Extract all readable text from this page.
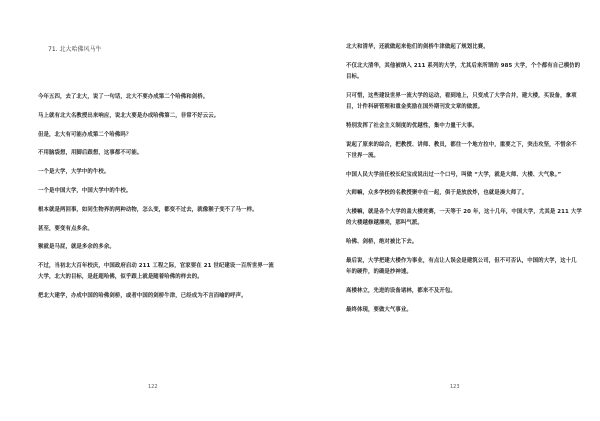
71. 北大哈佛风马牛

今年五四，去了北大，说了一句话，北大不要办成第二个哈佛和剑桥。

马上就有北大名教授出来响应，说北大要是办成哈佛第二，非常不好云云。

但是，北大有可能办成第二个哈佛吗？

不用脑袋想，用脚后跟想，这事都不可能。

一个是大学，大学中的牛校。

一个是中国大学，中国大学中的牛校。

根本就是两回事，如同生物界的两种动物，怎么变，都变不过去，就像猴子变不了马一样。

甚至，要变有点多余。

猴就是马屁，就是多余的多余。

不过，当初北大百年校庆，中国政府启动 211 工程之际，官家要在 21 世纪建设一百所世界一流大学，北大的目标，是赶超哈佛，似乎跟上就是随着哈佛的样去的。

把北大建学，办成中国的哈佛剑桥，或者中国的剑桥牛津，已经成为不言而喻的呼声。

122

北大和清华，还就做起来他们的剑桥牛津做起了规划比赛。

不仅北大清华，其他被纳入 211 系列的大学，尤其后来所谓的 985 大学，个个都有自己模仿的目标。

只可惜，这些建设世界一流大学的运动，看到地上，只变成了大学合并，建大楼，买设备，拿项目，计件科研管理和重金奖励在国外期刊发文章的做派。

特别发挥了社会主义制度的优越性，集中力量干大事。

说起了原来的综合，把教授、讲师、教员，都往一个地方拉中，重要之下，突击攻坚，不惜余不下世界一流。

中国人民大学前任校长纪宝成说出过一个口号，叫做 “大学，就是大师、大楼、大气象。”

大师嘛，众多学校的名教授聚中在一起，俱于是放放炸，也就是凑大师了。

大楼嘛，就是各个大学的盖大楼竞赛，一天等于 20 年，这十几年，中国大学，尤其是 211 大学的大楼越修越漂亮，那叫气派。

哈佛、剑桥，绝对被比下去。

最后说，大学把建大楼作为事业，有点让人误会是建筑公司，但不可否认，中国的大学，这十几年的硬件，的确是抄神速。

高楼林立，先进的设备诸林，都来不及开包。

最终体现，要做大气事业。

123
